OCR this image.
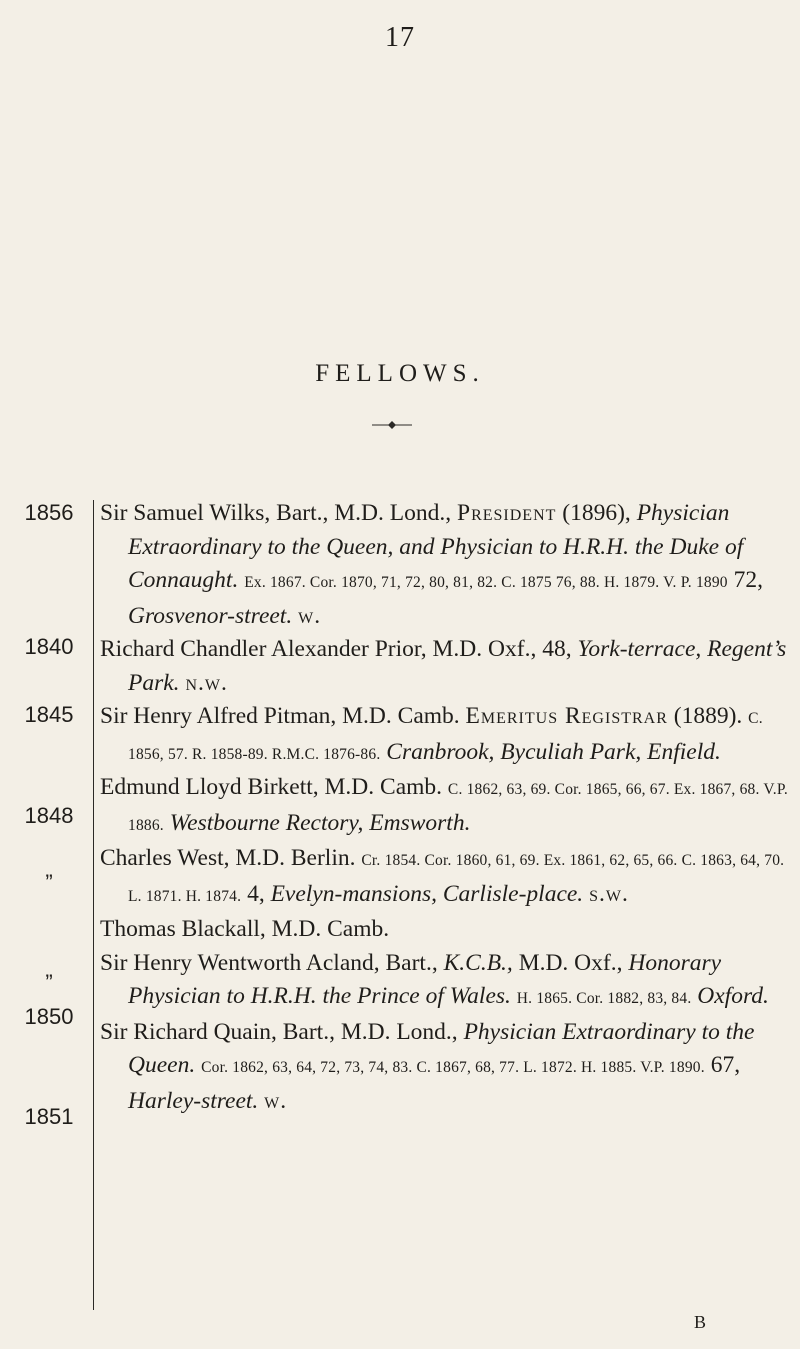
17
FELLOWS.
1856
1840
1845
1848
”
”
1850
1851

Sir Samuel Wilks, Bart., M.D. Lond., President (1896), Physician Extraordinary to the Queen, and Physician to H.R.H. the Duke of Connaught. Ex. 1867. Cor. 1870, 71, 72, 80, 81, 82. C. 1875 76, 88. H. 1879. V. P. 1890 72, Grosvenor-street. w.

Richard Chandler Alexander Prior, M.D. Oxf., 48, York-terrace, Regent’s Park. n.w.

Sir Henry Alfred Pitman, M.D. Camb. Emeritus Registrar (1889). C. 1856, 57. R. 1858-89. R.M.C. 1876-86. Cranbrook, Byculiah Park, Enfield.

Edmund Lloyd Birkett, M.D. Camb. C. 1862, 63, 69. Cor. 1865, 66, 67. Ex. 1867, 68. V.P. 1886. Westbourne Rectory, Emsworth.

Charles West, M.D. Berlin. Cr. 1854. Cor. 1860, 61, 69. Ex. 1861, 62, 65, 66. C. 1863, 64, 70. L. 1871. H. 1874. 4, Evelyn-mansions, Carlisle-place. s.w.

Thomas Blackall, M.D. Camb.

Sir Henry Wentworth Acland, Bart., K.C.B., M.D. Oxf., Honorary Physician to H.R.H. the Prince of Wales. H. 1865. Cor. 1882, 83, 84. Oxford.

Sir Richard Quain, Bart., M.D. Lond., Physician Extraordinary to the Queen. Cor. 1862, 63, 64, 72, 73, 74, 83. C. 1867, 68, 77. L. 1872. H. 1885. V.P. 1890. 67, Harley-street. w.

B
